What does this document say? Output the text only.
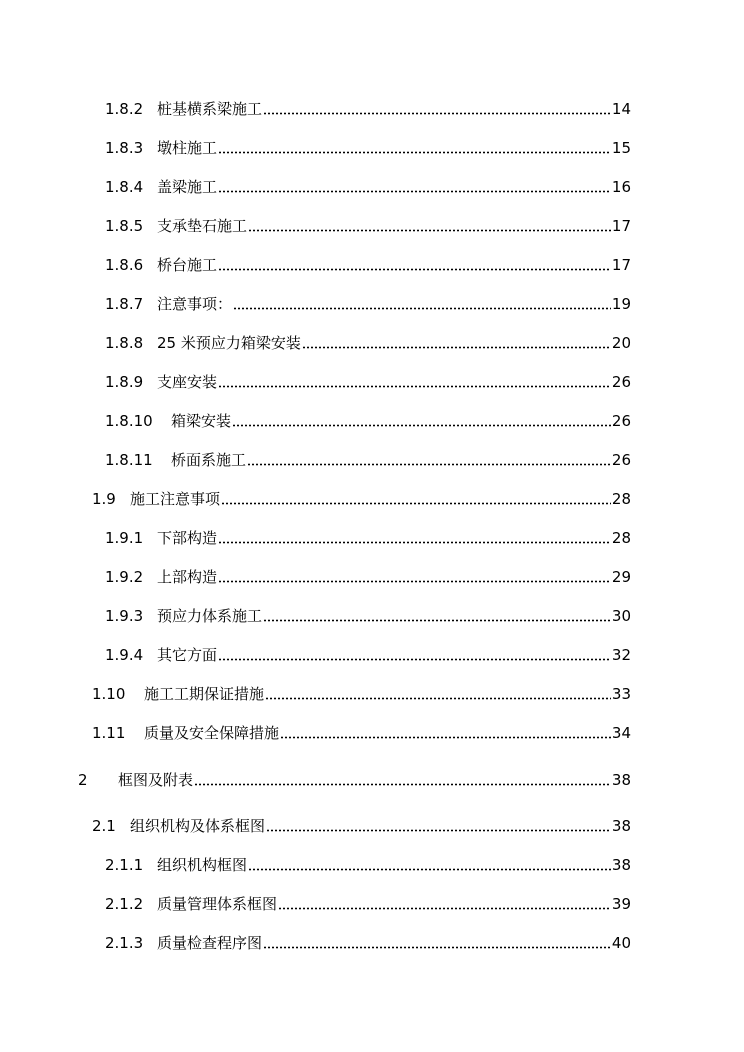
1.8.2 桩基横系梁施工	14
1.8.3 墩柱施工	15
1.8.4 盖梁施工	16
1.8.5 支承垫石施工	17
1.8.6 桥台施工	17
1.8.7 注意事项：	19
1.8.8 25 米预应力箱梁安装	20
1.8.9 支座安装	26
1.8.10	箱梁安装	26
1.8.11	桥面系施工	26
1.9 施工注意事项	28
1.9.1 下部构造	28
1.9.2 上部构造	29
1.9.3 预应力体系施工	30
1.9.4 其它方面	32
1.10	施工工期保证措施	33
1.11	质量及安全保障措施	34
2	框图及附表	38
2.1 组织机构及体系框图	38
2.1.1 组织机构框图	38
2.1.2 质量管理体系框图	39
2.1.3 质量检查程序图	40
